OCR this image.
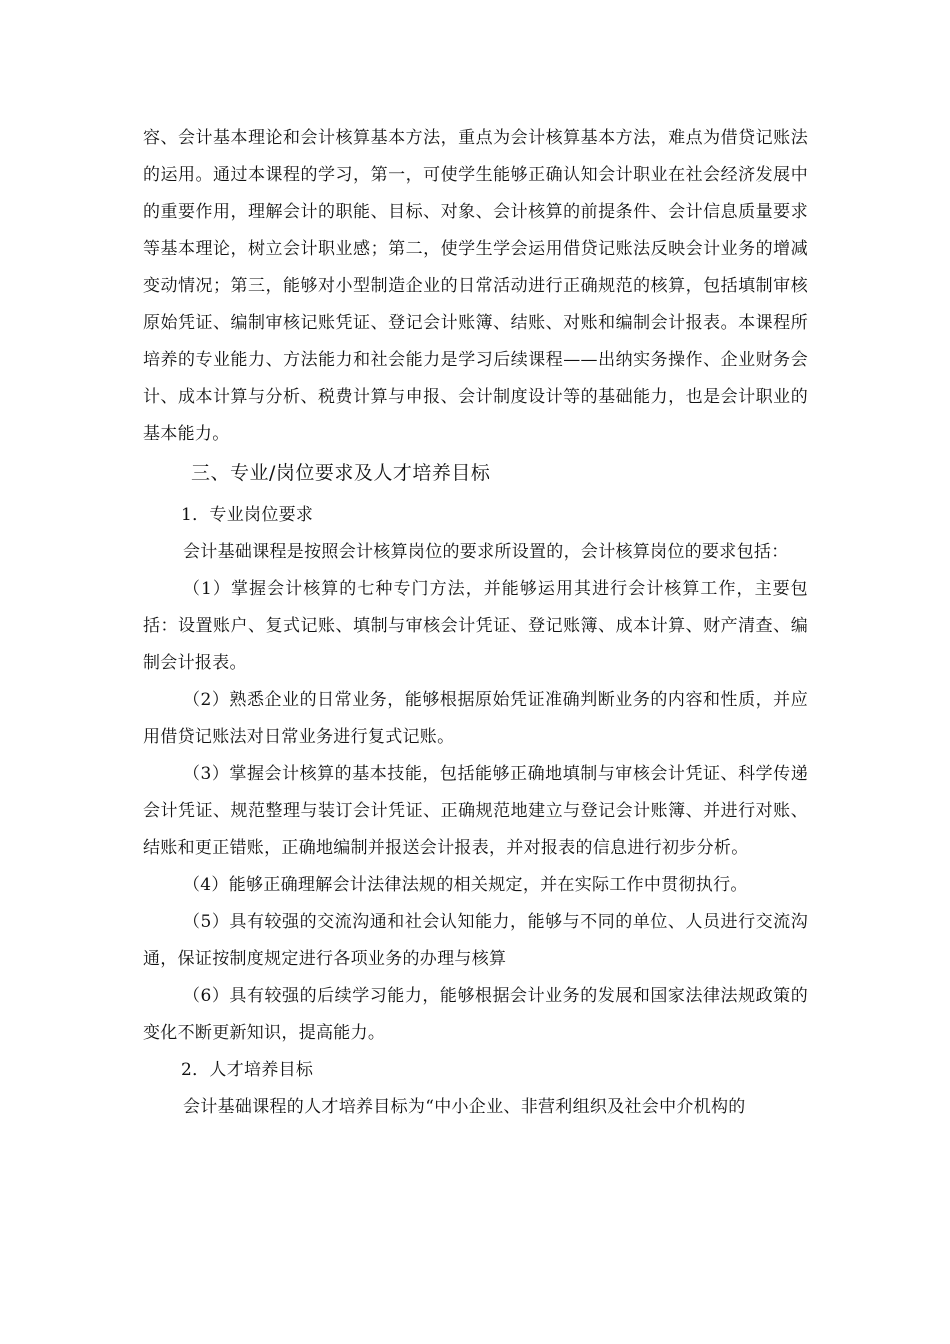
容、会计基本理论和会计核算基本方法，重点为会计核算基本方法，难点为借贷记账法的运用。通过本课程的学习，第一，可使学生能够正确认知会计职业在社会经济发展中的重要作用，理解会计的职能、目标、对象、会计核算的前提条件、会计信息质量要求等基本理论，树立会计职业感；第二，使学生学会运用借贷记账法反映会计业务的增减变动情况；第三，能够对小型制造企业的日常活动进行正确规范的核算，包括填制审核原始凭证、编制审核记账凭证、登记会计账簿、结账、对账和编制会计报表。本课程所培养的专业能力、方法能力和社会能力是学习后续课程——出纳实务操作、企业财务会计、成本计算与分析、税费计算与申报、会计制度设计等的基础能力，也是会计职业的基本能力。

三、专业/岗位要求及人才培养目标

1．专业岗位要求

会计基础课程是按照会计核算岗位的要求所设置的，会计核算岗位的要求包括：

（1）掌握会计核算的七种专门方法，并能够运用其进行会计核算工作，主要包括：设置账户、复式记账、填制与审核会计凭证、登记账簿、成本计算、财产清查、编制会计报表。

（2）熟悉企业的日常业务，能够根据原始凭证准确判断业务的内容和性质，并应用借贷记账法对日常业务进行复式记账。

（3）掌握会计核算的基本技能，包括能够正确地填制与审核会计凭证、科学传递会计凭证、规范整理与装订会计凭证、正确规范地建立与登记会计账簿、并进行对账、结账和更正错账，正确地编制并报送会计报表，并对报表的信息进行初步分析。

（4）能够正确理解会计法律法规的相关规定，并在实际工作中贯彻执行。

（5）具有较强的交流沟通和社会认知能力，能够与不同的单位、人员进行交流沟通，保证按制度规定进行各项业务的办理与核算

（6）具有较强的后续学习能力，能够根据会计业务的发展和国家法律法规政策的变化不断更新知识，提高能力。

2．人才培养目标

会计基础课程的人才培养目标为“中小企业、非营利组织及社会中介机构的
